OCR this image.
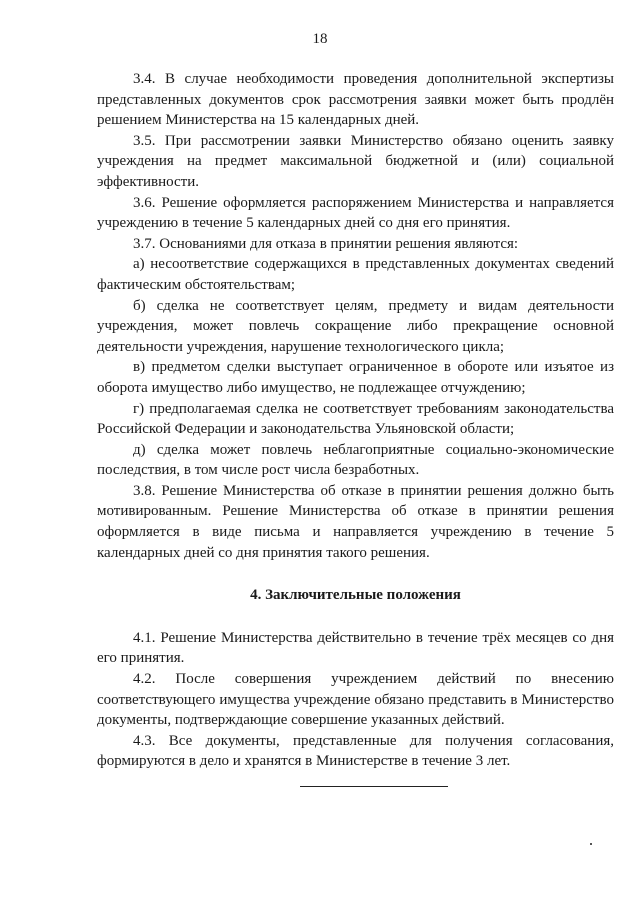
18

3.4. В случае необходимости проведения дополнительной экспертизы представленных документов срок рассмотрения заявки может быть продлён решением Министерства на 15 календарных дней.

3.5. При рассмотрении заявки Министерство обязано оценить заявку учреждения на предмет максимальной бюджетной и (или) социальной эффективности.

3.6. Решение оформляется распоряжением Министерства и направляется учреждению в течение 5 календарных дней со дня его принятия.

3.7. Основаниями для отказа в принятии решения являются:

а) несоответствие содержащихся в представленных документах сведений фактическим обстоятельствам;

б) сделка не соответствует целям, предмету и видам деятельности учреждения, может повлечь сокращение либо прекращение основной деятельности учреждения, нарушение технологического цикла;

в) предметом сделки выступает ограниченное в обороте или изъятое из оборота имущество либо имущество, не подлежащее отчуждению;

г) предполагаемая сделка не соответствует требованиям законодательства Российской Федерации и законодательства Ульяновской области;

д) сделка может повлечь неблагоприятные социально-экономические последствия, в том числе рост числа безработных.

3.8. Решение Министерства об отказе в принятии решения должно быть мотивированным. Решение Министерства об отказе в принятии решения оформляется в виде письма и направляется учреждению в течение 5 календарных дней со дня принятия такого решения.

4. Заключительные положения

4.1. Решение Министерства действительно в течение трёх месяцев со дня его принятия.

4.2. После совершения учреждением действий по внесению соответствующего имущества учреждение обязано представить в Министерство документы, подтверждающие совершение указанных действий.

4.3. Все документы, представленные для получения согласования, формируются в дело и хранятся в Министерстве в течение 3 лет.
